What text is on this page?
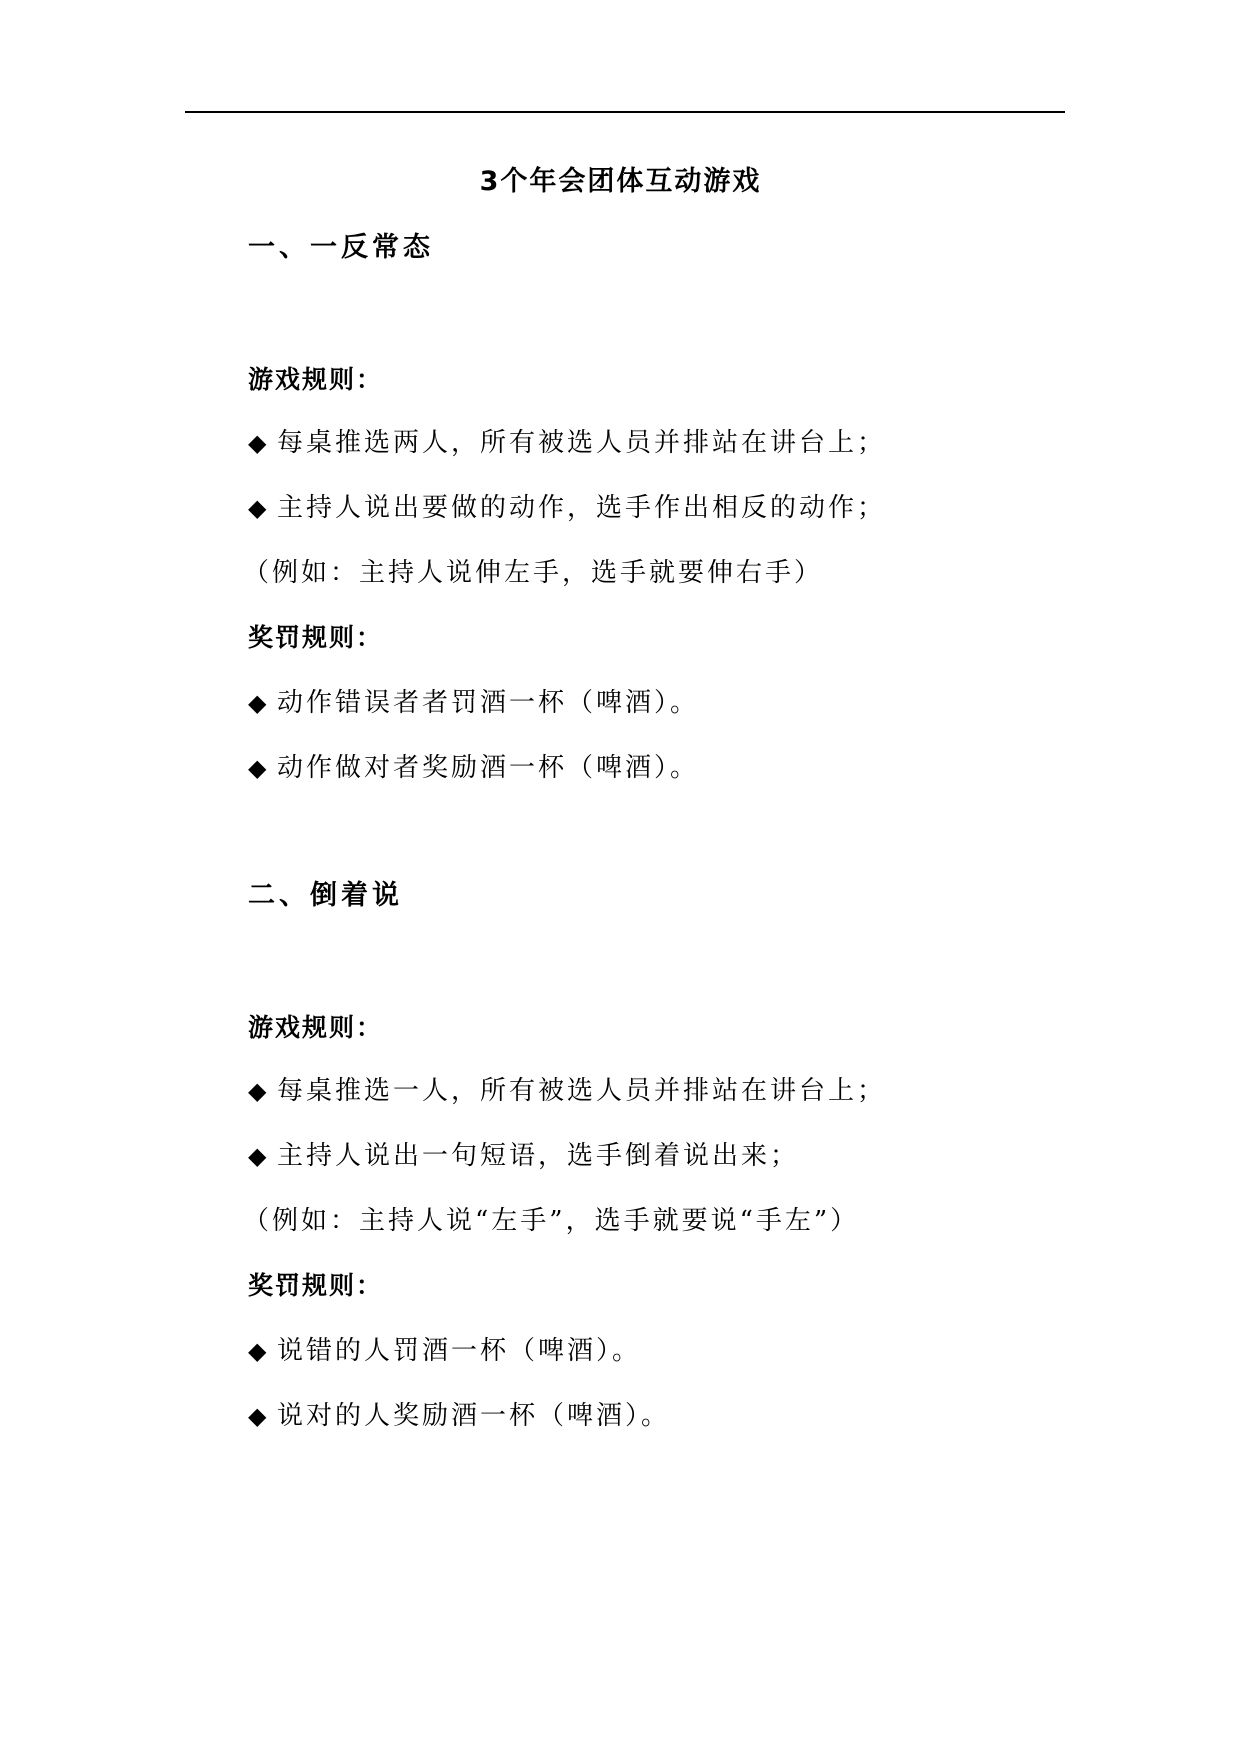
3个年会团体互动游戏

一、一反常态

游戏规则：

◆ 每桌推选两人，所有被选人员并排站在讲台上；

◆ 主持人说出要做的动作，选手作出相反的动作；

（例如：主持人说伸左手，选手就要伸右手）

奖罚规则：

◆ 动作错误者者罚酒一杯（啤酒）。

◆ 动作做对者奖励酒一杯（啤酒）。

二、倒着说

游戏规则：

◆ 每桌推选一人，所有被选人员并排站在讲台上；

◆ 主持人说出一句短语，选手倒着说出来；

（例如：主持人说“左手”，选手就要说“手左”）

奖罚规则：

◆ 说错的人罚酒一杯（啤酒）。

◆ 说对的人奖励酒一杯（啤酒）。
